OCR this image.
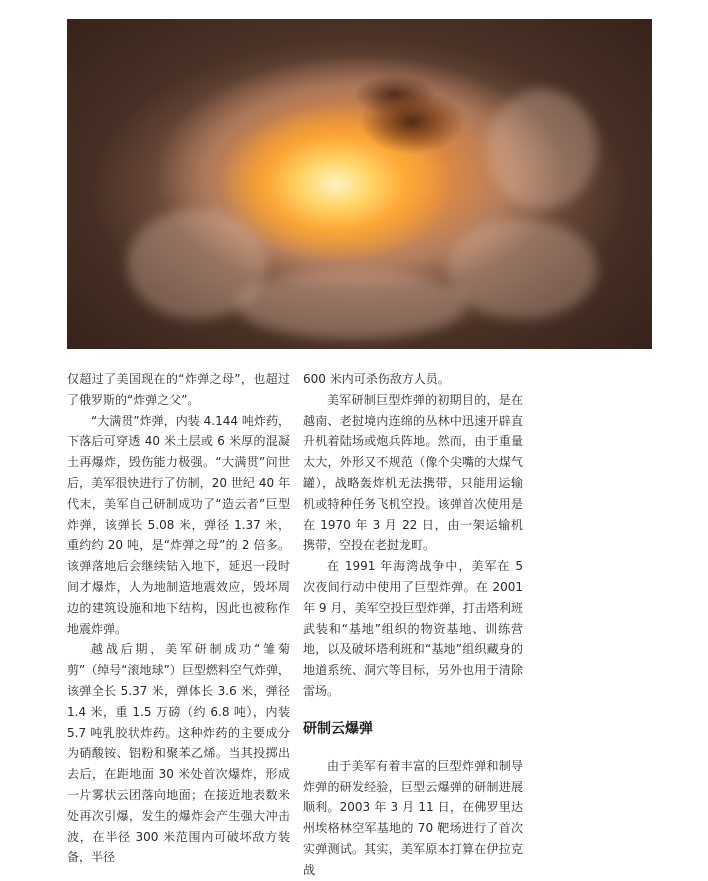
仅超过了美国现在的“炸弹之母”，也超过了俄罗斯的“炸弹之父”。

“大满贯”炸弹，内装 4.144 吨炸药，下落后可穿透 40 米土层或 6 米厚的混凝土再爆炸，毁伤能力极强。“大满贯”问世后，美军很快进行了仿制，20 世纪 40 年代末，美军自己研制成功了“造云者”巨型炸弹，该弹长 5.08 米，弹径 1.37 米，重约约 20 吨，是“炸弹之母”的 2 倍多。该弹落地后会继续钻入地下，延迟一段时间才爆炸，人为地制造地震效应，毁坏周边的建筑设施和地下结构，因此也被称作地震炸弹。

越战后期，美军研制成功“雏菊剪”（绰号“滚地球”）巨型燃料空气炸弹，该弹全长 5.37 米，弹体长 3.6 米，弹径 1.4 米，重 1.5 万磅（约 6.8 吨），内装 5.7 吨乳胶状炸药。这种炸药的主要成分为硝酸铵、铝粉和聚苯乙烯。当其投掷出去后，在距地面 30 米处首次爆炸，形成一片雾状云团落向地面；在接近地表数米处再次引爆，发生的爆炸会产生强大冲击波，在半径 300 米范围内可破坏敌方装备，半径

600 米内可杀伤敌方人员。

美军研制巨型炸弹的初期目的，是在越南、老挝境内连绵的丛林中迅速开辟直升机着陆场或炮兵阵地。然而，由于重量太大，外形又不规范（像个尖嘴的大煤气罐），战略轰炸机无法携带，只能用运输机或特种任务飞机空投。该弹首次使用是在 1970 年 3 月 22 日，由一架运输机携带，空投在老挝龙町。

在 1991 年海湾战争中，美军在 5 次夜间行动中使用了巨型炸弹。在 2001 年 9 月，美军空投巨型炸弹，打击塔利班武装和“基地”组织的物资基地、训练营地，以及破坏塔利班和“基地”组织藏身的地道系统、洞穴等目标，另外也用于清除雷场。

研制云爆弹

由于美军有着丰富的巨型炸弹和制导炸弹的研发经验，巨型云爆弹的研制进展顺利。2003 年 3 月 11 日，在佛罗里达州埃格林空军基地的 70 靶场进行了首次实弹测试。其实，美军原本打算在伊拉克战
